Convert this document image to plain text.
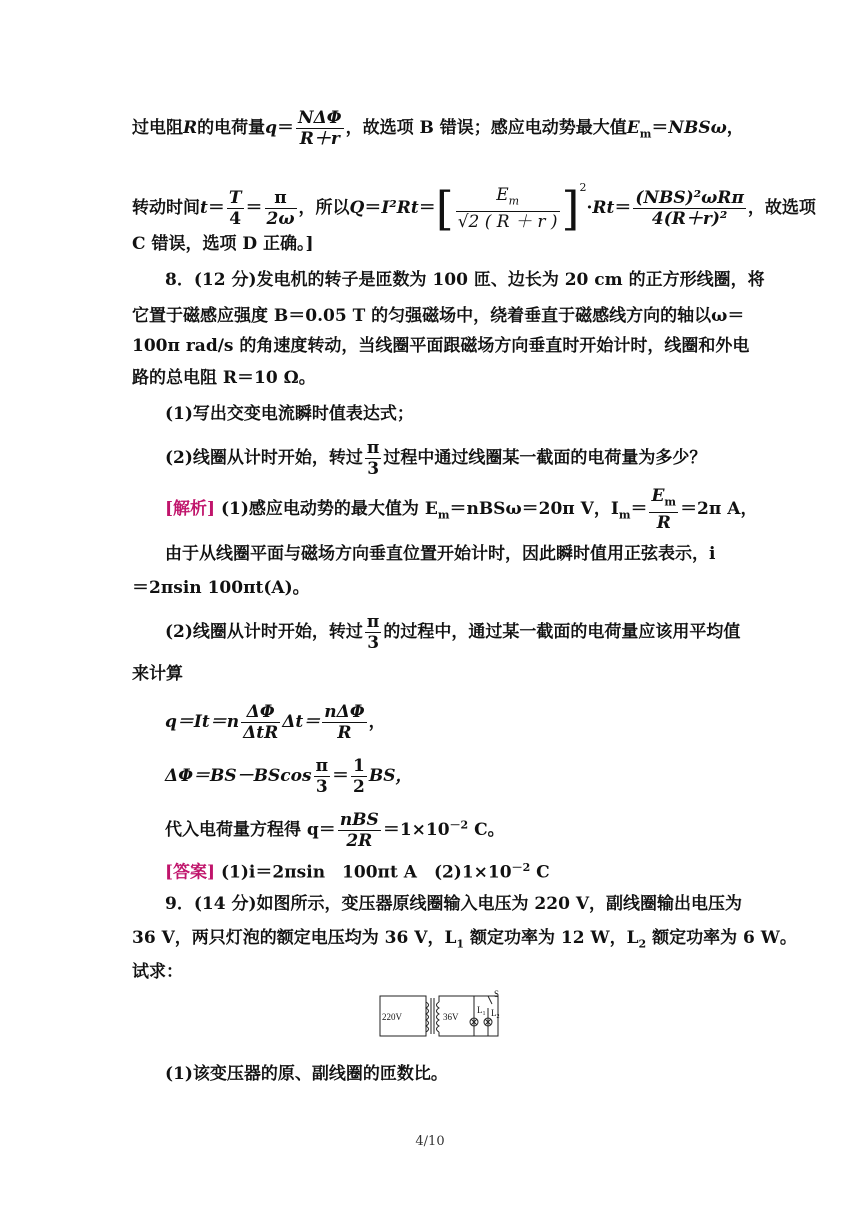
过电阻R的电荷量$q= \frac{\text{NΔΦ}}{R+r}$ ，故选项 B 错误；感应电动势最大值$E_m=NBS\omega$，
转动时间$t= \frac{T}{4} = \frac{\pi}{2\omega}$ ，所以$Q=I^2Rt=[ \frac{E_m}{√2 ( R + r )} ]^2\cdot Rt= \frac{\text{(NBS)²ωRπ}}{\text{4(R＋r)²}}$ ，故选项
C 错误，选项 D 正确。]
8．(12 分)发电机的转子是匝数为 100 匝、边长为 20 cm 的正方形线圈，将
它置于磁感应强度 B＝0.05 T 的匀强磁场中，绕着垂直于磁感线方向的轴以ω＝
100π rad/s 的角速度转动，当线圈平面跟磁场方向垂直时开始计时，线圈和外电
路的总电阻 R＝10 Ω。
(1)写出交变电流瞬时值表达式；
(2)线圈从计时开始，转过 $\frac{\pi}{3}$ 过程中通过线圈某一截面的电荷量为多少？
[解析] (1)感应电动势的最大值为 $E_m=nBS\omega=20\pi$ V，$I_m= \frac{E_m}{R} =2\pi$ A，
由于从线圈平面与磁场方向垂直位置开始计时，因此瞬时值用正弦表示，i
＝2πsin 100πt(A)。
(2)线圈从计时开始，转过 $\frac{\pi}{3}$ 的过程中，通过某一截面的电荷量应该用平均值
来计算
$q=It=n \frac{\Delta\Phi}{\text{ΔtR}} \Delta t= \frac{\text{nΔΦ}}{R}$ ，
$\Delta\Phi=BS-BScos \frac{\pi}{3} = \frac{1}{2}$ BS，
代入电荷量方程得 $q= \frac{\text{nBS}}{2R} =1\times 10^{-2}$ C。
[答案] (1)i＝2πsin　100πt A　$(2)1\times 10^{-2}$ C
9．(14 分)如图所示，变压器原线圈输入电压为 220 V，副线圈输出电压为
36 V，两只灯泡的额定电压均为 36 V，$L_1$ 额定功率为 12 W，$L_2$ 额定功率为 6 W。
试求：
220V	36V
$L_1$ $L_2$
S
(1)该变压器的原、副线圈的匝数比。
4/10
